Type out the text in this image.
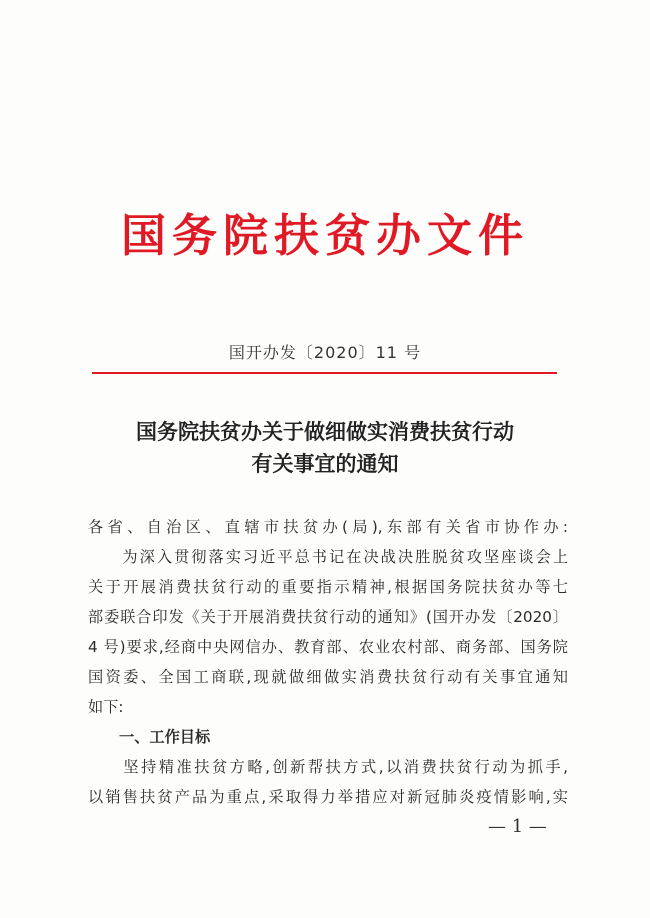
国务院扶贫办文件
国开办发〔2020〕11 号
国务院扶贫办关于做细做实消费扶贫行动
有关事宜的通知
各省、自治区、直辖市扶贫办(局),东部有关省市协作办:
　　为深入贯彻落实习近平总书记在决战决胜脱贫攻坚座谈会上
关于开展消费扶贫行动的重要指示精神,根据国务院扶贫办等七
部委联合印发《关于开展消费扶贫行动的通知》(国开办发〔2020〕
4 号)要求,经商中央网信办、教育部、农业农村部、商务部、国务院
国资委、全国工商联,现就做细做实消费扶贫行动有关事宜通知
如下:
一、工作目标
　　坚持精准扶贫方略,创新帮扶方式,以消费扶贫行动为抓手,
以销售扶贫产品为重点,采取得力举措应对新冠肺炎疫情影响,实
— 1 —
